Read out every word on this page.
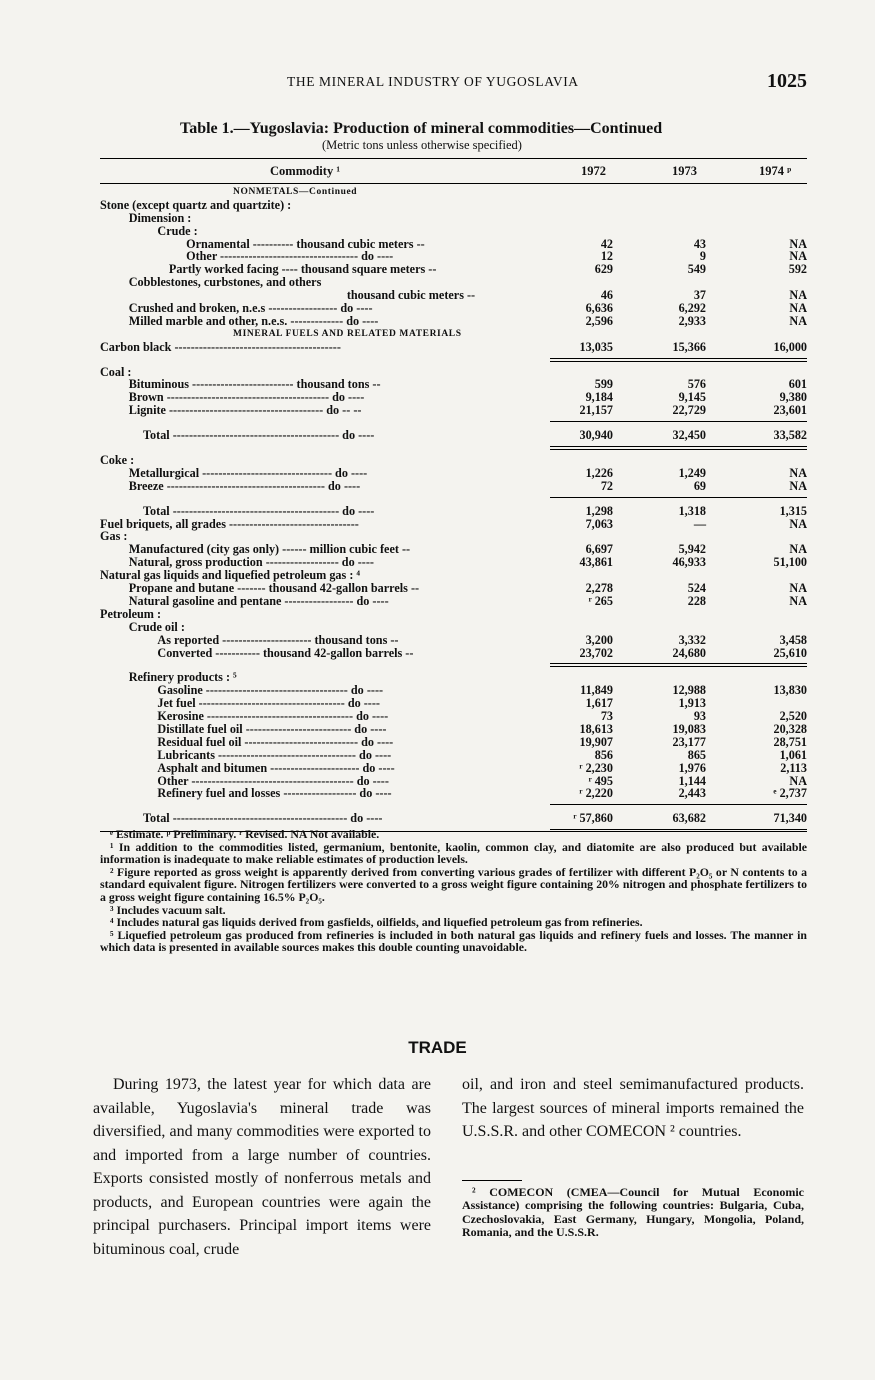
THE MINERAL INDUSTRY OF YUGOSLAVIA	1025
Table 1.—Yugoslavia: Production of mineral commodities—Continued
(Metric tons unless otherwise specified)
Commodity ¹	1972	1973	1974 ᵖ
NONMETALS—Continued
Stone (except quartz and quartzite) :
Dimension :
Crude :
Ornamental ---------- thousand cubic meters --	42	43	NA
Other ---------------------------------- do ----	12	9	NA
Partly worked facing ---- thousand square meters --	629	549	592
Cobblestones, curbstones, and others
thousand cubic meters --	46	37	NA
Crushed and broken, n.e.s ----------------- do ----	6,636	6,292	NA
Milled marble and other, n.e.s. ------------- do ----	2,596	2,933	NA
MINERAL FUELS AND RELATED MATERIALS
Carbon black -----------------------------------------	13,035	15,366	16,000
Coal :
Bituminous ------------------------- thousand tons --	599	576	601
Brown ---------------------------------------- do ----	9,184	9,145	9,380
Lignite -------------------------------------- do -- --	21,157	22,729	23,601
Total ----------------------------------------- do ----	30,940	32,450	33,582
Coke :
Metallurgical -------------------------------- do ----	1,226	1,249	NA
Breeze --------------------------------------- do ----	72	69	NA
Total ----------------------------------------- do ----	1,298	1,318	1,315
Fuel briquets, all grades --------------------------------	7,063	—	NA
Gas :
Manufactured (city gas only) ------ million cubic feet --	6,697	5,942	NA
Natural, gross production ------------------ do ----	43,861	46,933	51,100
Natural gas liquids and liquefied petroleum gas : ⁴
Propane and butane ------- thousand 42-gallon barrels --	2,278	524	NA
Natural gasoline and pentane ----------------- do ----	ʳ 265	228	NA
Petroleum :
Crude oil :
As reported ---------------------- thousand tons --	3,200	3,332	3,458
Converted ----------- thousand 42-gallon barrels --	23,702	24,680	25,610
Refinery products : ⁵
Gasoline ----------------------------------- do ----	11,849	12,988	13,830
Jet fuel ------------------------------------ do ----	1,617	1,913
Kerosine ------------------------------------ do ----	73	93	2,520
Distillate fuel oil -------------------------- do ----	18,613	19,083	20,328
Residual fuel oil ---------------------------- do ----	19,907	23,177	28,751
Lubricants ---------------------------------- do ----	856	865	1,061
Asphalt and bitumen ---------------------- do ----	ʳ 2,230	1,976	2,113
Other ---------------------------------------- do ----	ʳ 495	1,144	NA
Refinery fuel and losses ------------------ do ----	ʳ 2,220	2,443	ᵉ 2,737
Total ------------------------------------------- do ----	ʳ 57,860	63,682	71,340

ᵉ Estimate. ᵖ Preliminary. ʳ Revised. NA Not available.

¹ In addition to the commodities listed, germanium, bentonite, kaolin, common clay, and diatomite are also produced but available information is inadequate to make reliable estimates of production levels.

² Figure reported as gross weight is apparently derived from converting various grades of fertilizer with different P₂O₅ or N contents to a standard equivalent figure. Nitrogen fertilizers were converted to a gross weight figure containing 20% nitrogen and phosphate fertilizers to a gross weight figure containing 16.5% P₂O₅.

³ Includes vacuum salt.

⁴ Includes natural gas liquids derived from gasfields, oilfields, and liquefied petroleum gas from refineries.

⁵ Liquefied petroleum gas produced from refineries is included in both natural gas liquids and refinery fuels and losses. The manner in which data is presented in available sources makes this double counting unavoidable.

TRADE
During 1973, the latest year for which data are available, Yugoslavia's mineral trade was diversified, and many commodities were exported to and imported from a large number of countries. Exports consisted mostly of nonferrous metals and products, and European countries were again the principal purchasers. Principal import items were bituminous coal, crude
oil, and iron and steel semimanufactured products. The largest sources of mineral imports remained the U.S.S.R. and other COMECON ² countries.
² COMECON (CMEA—Council for Mutual Economic Assistance) comprising the following countries: Bulgaria, Cuba, Czechoslovakia, East Germany, Hungary, Mongolia, Poland, Romania, and the U.S.S.R.
